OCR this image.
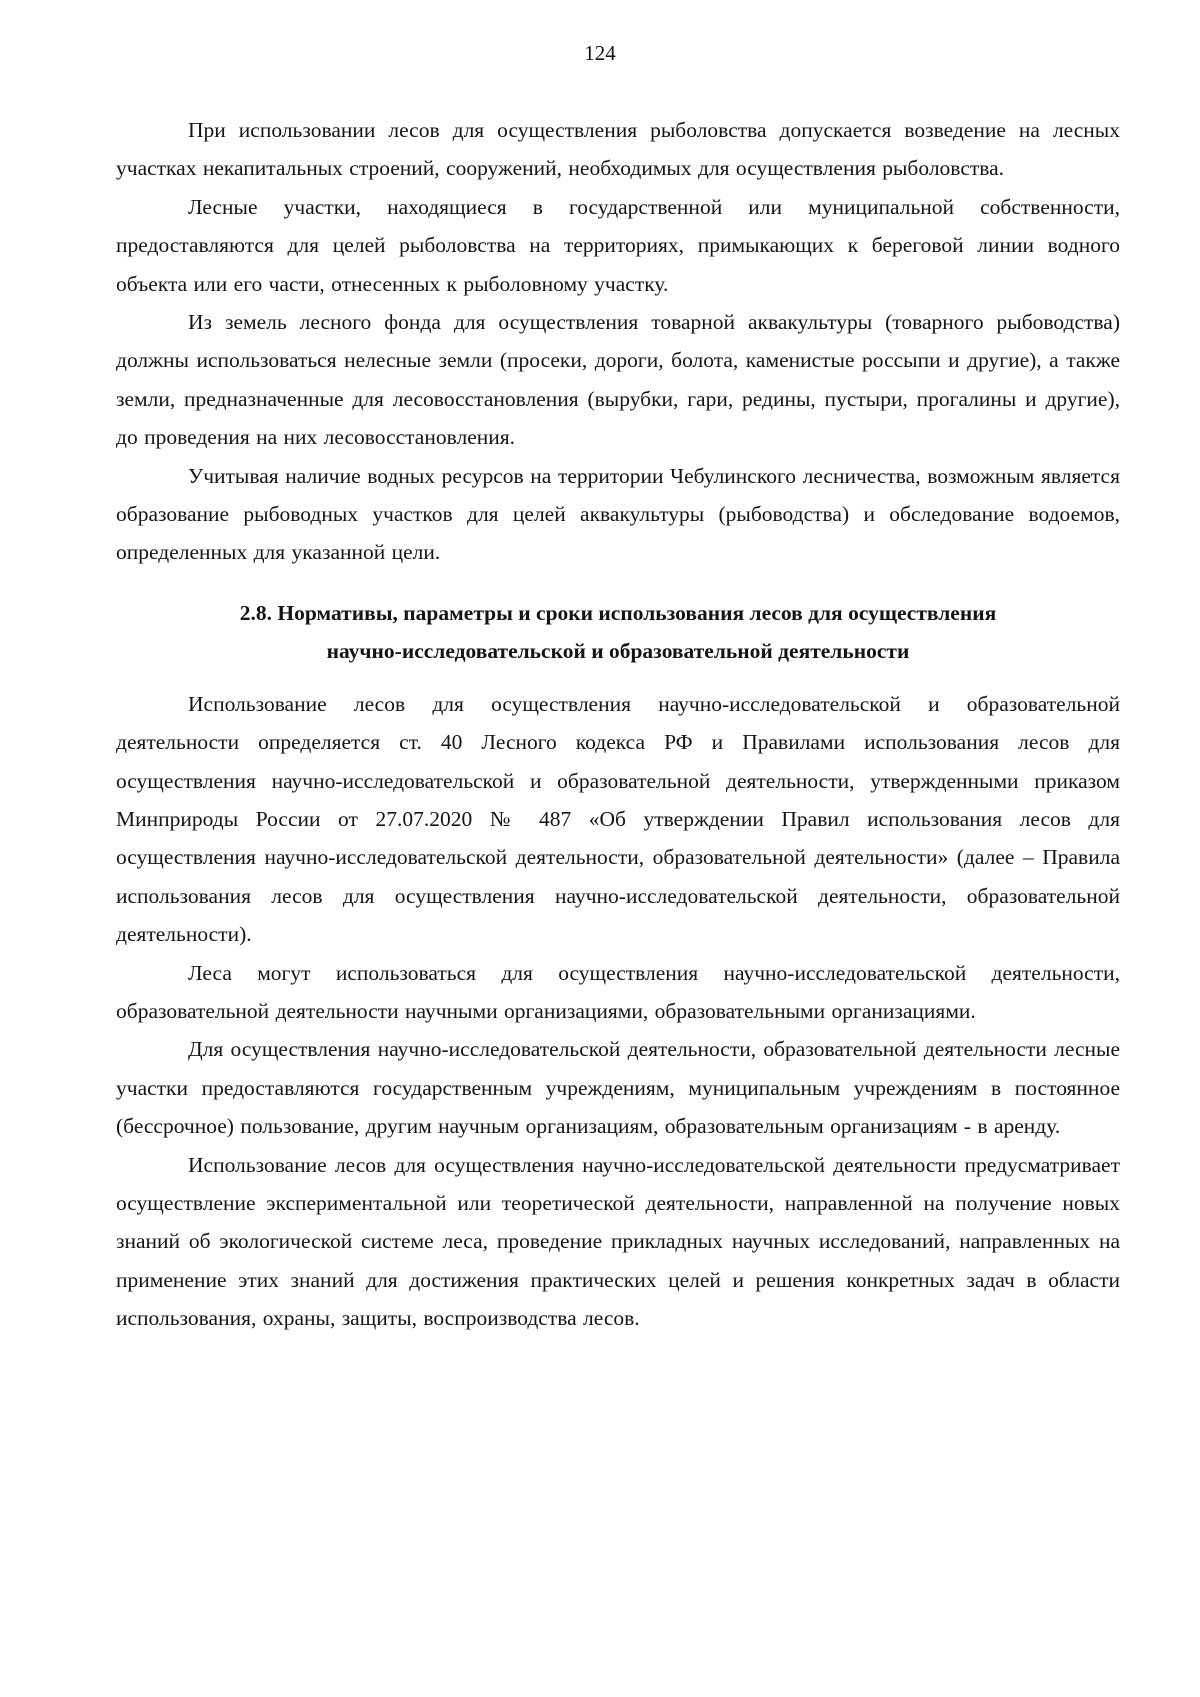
124

При использовании лесов для осуществления рыболовства допускается возведение на лесных участках некапитальных строений, сооружений, необходимых для осуществления рыболовства.

Лесные участки, находящиеся в государственной или муниципальной собственности, предоставляются для целей рыболовства на территориях, примыкающих к береговой линии водного объекта или его части, отнесенных к рыболовному участку.

Из земель лесного фонда для осуществления товарной аквакультуры (товарного рыбоводства) должны использоваться нелесные земли (просеки, дороги, болота, каменистые россыпи и другие), а также земли, предназначенные для лесовосстановления (вырубки, гари, редины, пустыри, прогалины и другие), до проведения на них лесовосстановления.

Учитывая наличие водных ресурсов на территории Чебулинского лесничества, возможным является образование рыбоводных участков для целей аквакультуры (рыбоводства) и обследование водоемов, определенных для указанной цели.

2.8. Нормативы, параметры и сроки использования лесов для осуществления
научно-исследовательской и образовательной деятельности

Использование лесов для осуществления научно-исследовательской и образовательной деятельности определяется ст. 40 Лесного кодекса РФ и Правилами использования лесов для осуществления научно-исследовательской и образовательной деятельности, утвержденными приказом Минприроды России от 27.07.2020 № 487 «Об утверждении Правил использования лесов для осуществления научно-исследовательской деятельности, образовательной деятельности» (далее – Правила использования лесов для осуществления научно-исследовательской деятельности, образовательной деятельности).

Леса могут использоваться для осуществления научно-исследовательской деятельности, образовательной деятельности научными организациями, образовательными организациями.

Для осуществления научно-исследовательской деятельности, образовательной деятельности лесные участки предоставляются государственным учреждениям, муниципальным учреждениям в постоянное (бессрочное) пользование, другим научным организациям, образовательным организациям - в аренду.

Использование лесов для осуществления научно-исследовательской деятельности предусматривает осуществление экспериментальной или теоретической деятельности, направленной на получение новых знаний об экологической системе леса, проведение прикладных научных исследований, направленных на применение этих знаний для достижения практических целей и решения конкретных задач в области использования, охраны, защиты, воспроизводства лесов.
